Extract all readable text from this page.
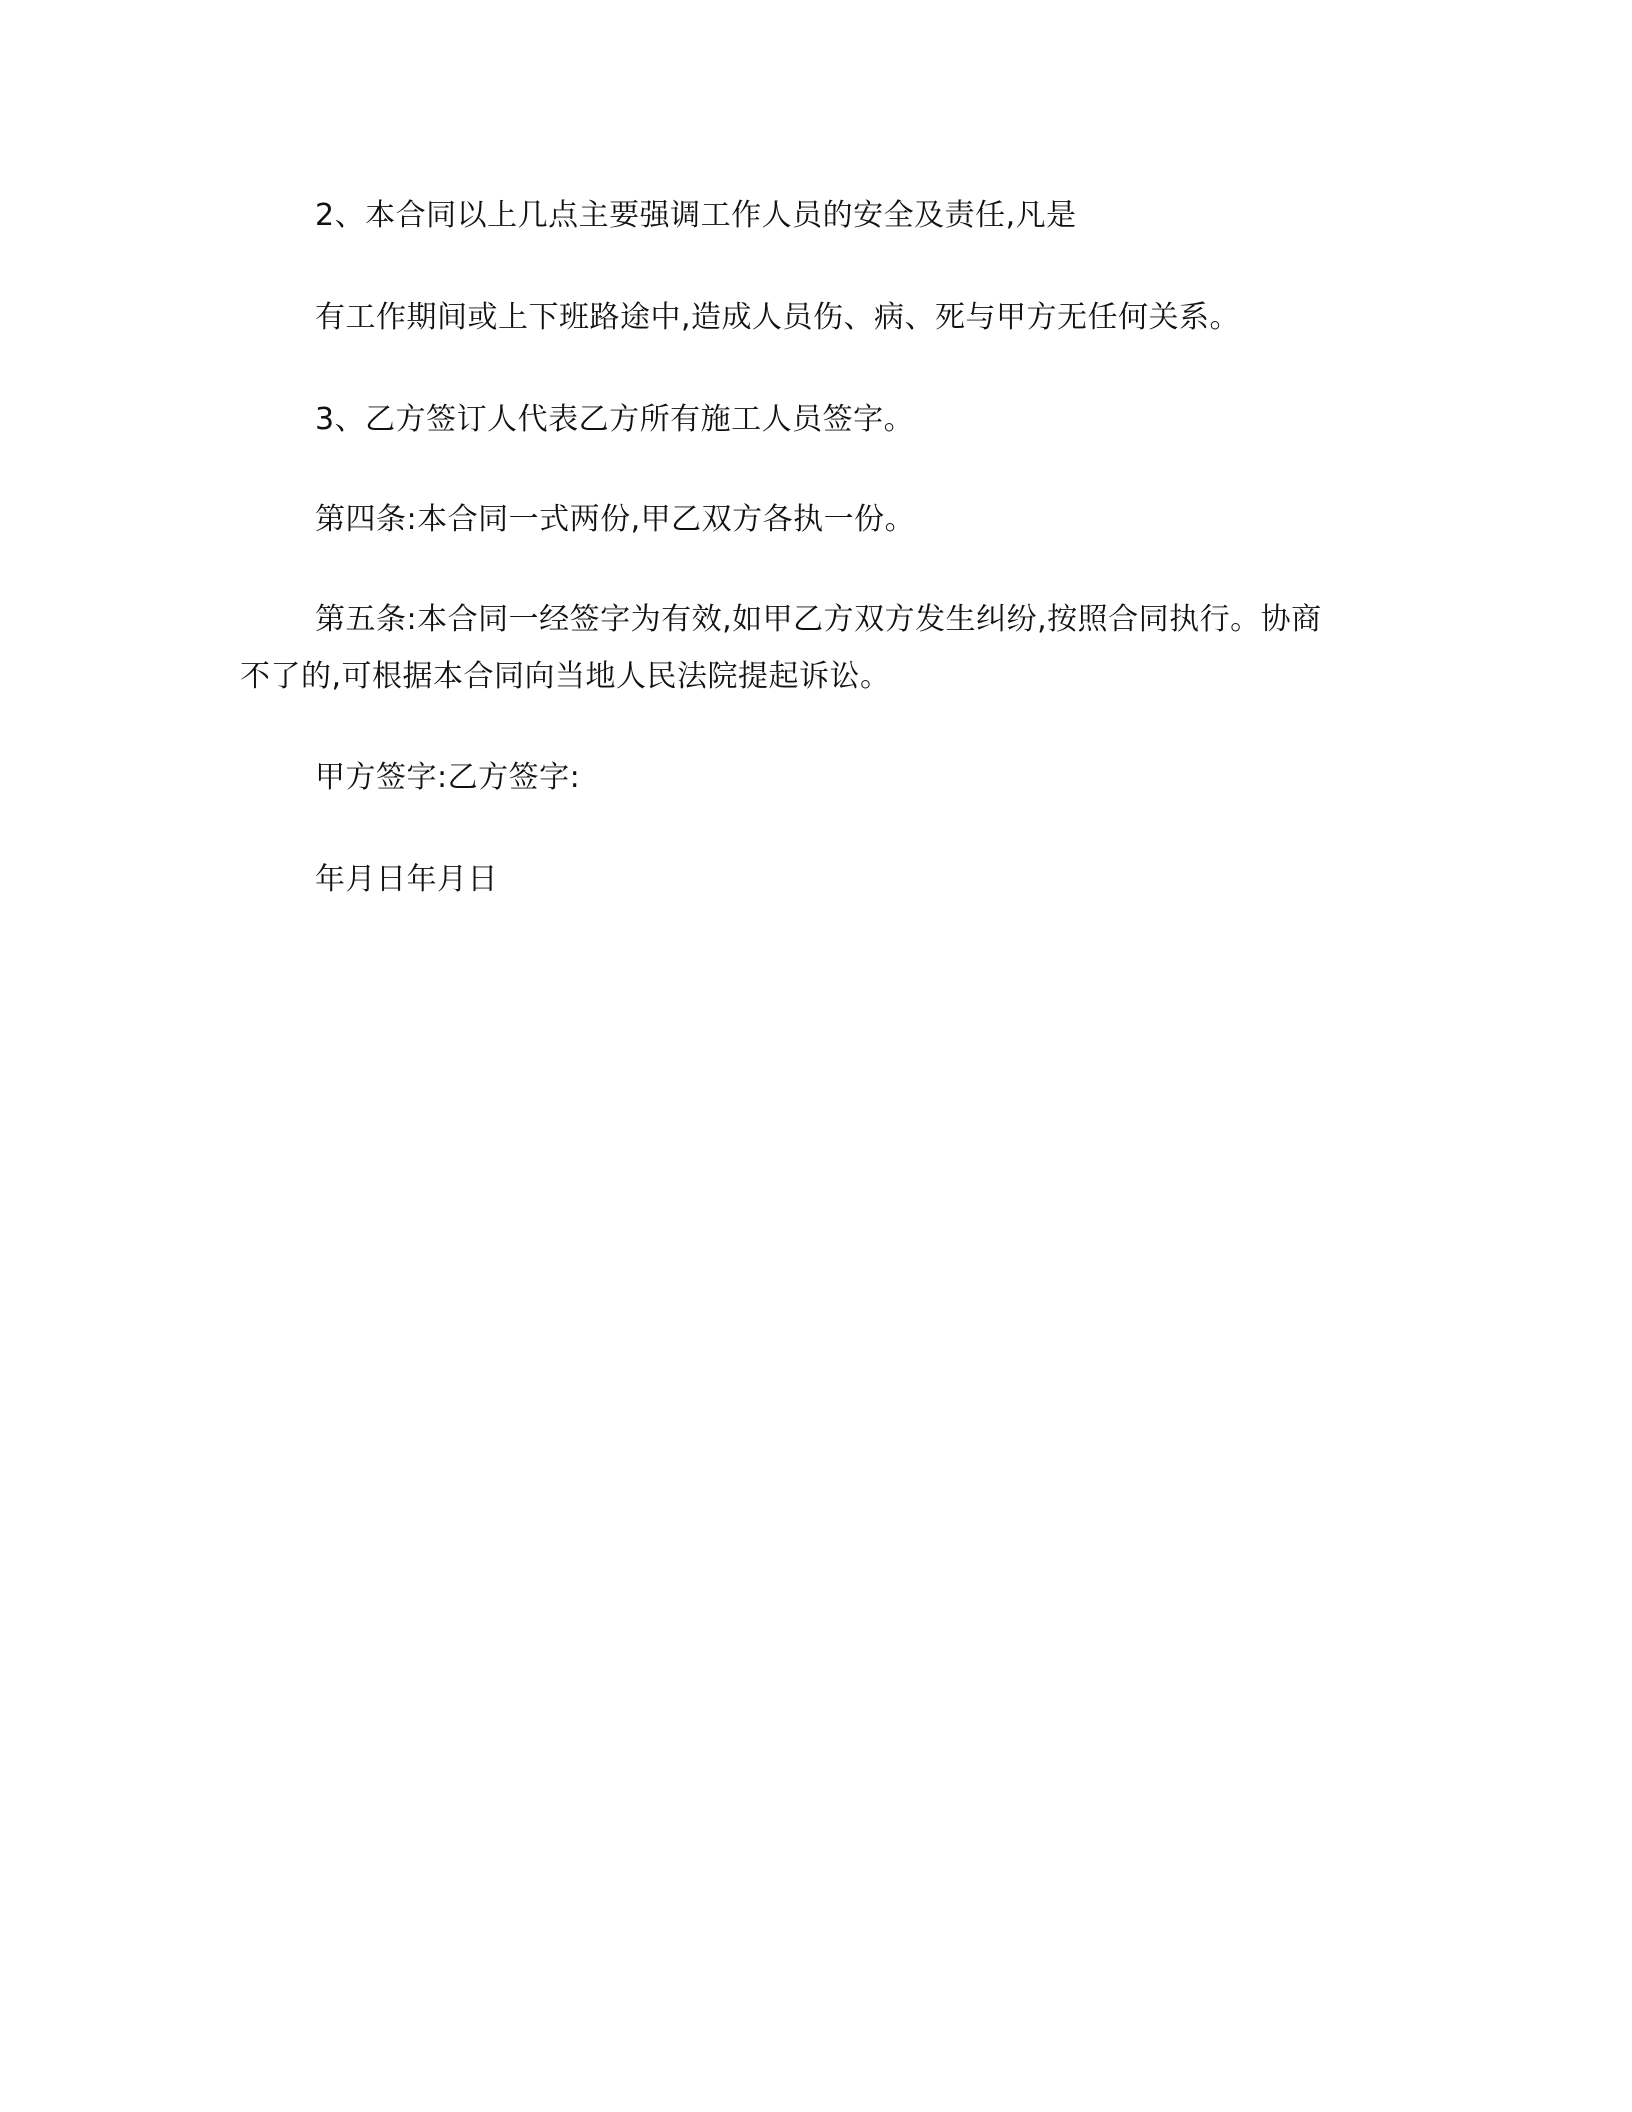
2、本合同以上几点主要强调工作人员的安全及责任,凡是
有工作期间或上下班路途中,造成人员伤、病、死与甲方无任何关系。
3、乙方签订人代表乙方所有施工人员签字。
第四条:本合同一式两份,甲乙双方各执一份。
第五条:本合同一经签字为有效,如甲乙方双方发生纠纷,按照合同执行。协商
不了的,可根据本合同向当地人民法院提起诉讼。
甲方签字:乙方签字:
年月日年月日
